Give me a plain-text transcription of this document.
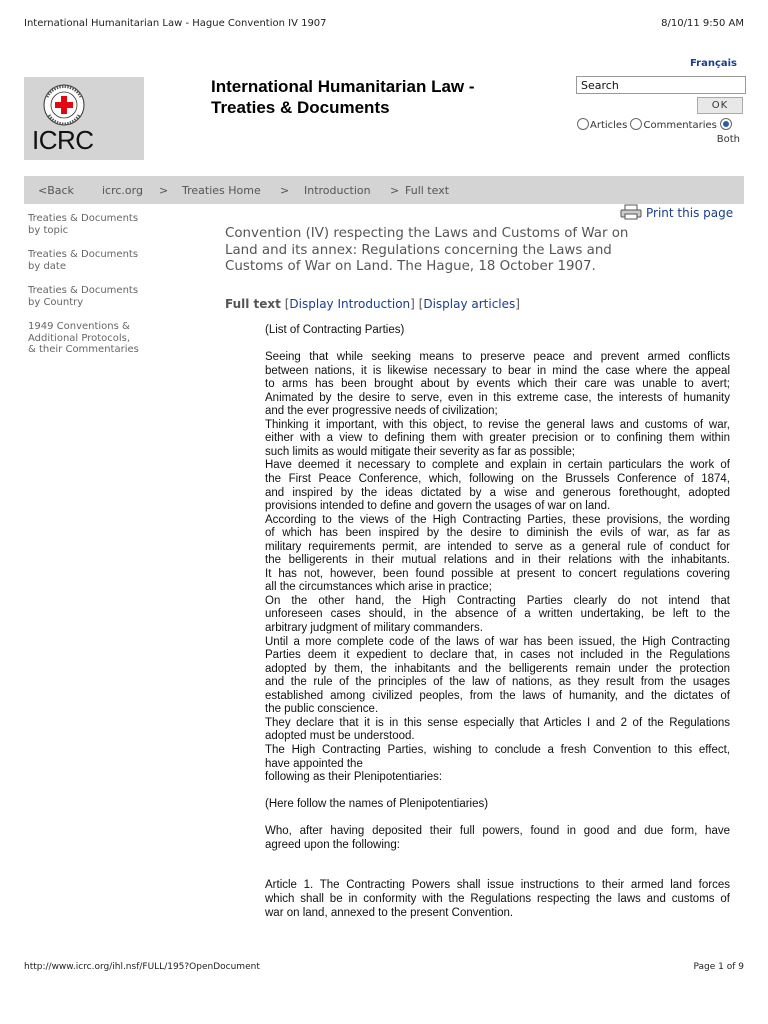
International Humanitarian Law - Hague Convention IV 1907	8/10/11 9:50 AM
ICRC
International Humanitarian Law -
Treaties & Documents
Français
Search
OK
Articles Commentaries
Both
<Back	icrc.org > Treaties Home > Introduction > Full text
Treaties & Documents
by topic
Treaties & Documents
by date
Treaties & Documents
by Country
1949 Conventions &
Additional Protocols,
& their Commentaries
Print this page
Convention (IV) respecting the Laws and Customs of War on
Land and its annex: Regulations concerning the Laws and
Customs of War on Land. The Hague, 18 October 1907.
Full text [Display Introduction] [Display articles]

(List of Contracting Parties)

Seeing that while seeking means to preserve peace and prevent armed conflicts

between nations, it is likewise necessary to bear in mind the case where the appeal

to arms has been brought about by events which their care was unable to avert;

Animated by the desire to serve, even in this extreme case, the interests of humanity

and the ever progressive needs of civilization;

Thinking it important, with this object, to revise the general laws and customs of war,

either with a view to defining them with greater precision or to confining them within

such limits as would mitigate their severity as far as possible;

Have deemed it necessary to complete and explain in certain particulars the work of

the First Peace Conference, which, following on the Brussels Conference of 1874,

and inspired by the ideas dictated by a wise and generous forethought, adopted

provisions intended to define and govern the usages of war on land.

According to the views of the High Contracting Parties, these provisions, the wording

of which has been inspired by the desire to diminish the evils of war, as far as

military requirements permit, are intended to serve as a general rule of conduct for

the belligerents in their mutual relations and in their relations with the inhabitants.

It has not, however, been found possible at present to concert regulations covering

all the circumstances which arise in practice;

On the other hand, the High Contracting Parties clearly do not intend that

unforeseen cases should, in the absence of a written undertaking, be left to the

arbitrary judgment of military commanders.

Until a more complete code of the laws of war has been issued, the High Contracting

Parties deem it expedient to declare that, in cases not included in the Regulations

adopted by them, the inhabitants and the belligerents remain under the protection

and the rule of the principles of the law of nations, as they result from the usages

established among civilized peoples, from the laws of humanity, and the dictates of

the public conscience.

They declare that it is in this sense especially that Articles I and 2 of the Regulations

adopted must be understood.

The High Contracting Parties, wishing to conclude a fresh Convention to this effect,

have appointed the

following as their Plenipotentiaries:

(Here follow the names of Plenipotentiaries)

Who, after having deposited their full powers, found in good and due form, have

agreed upon the following:

Article 1. The Contracting Powers shall issue instructions to their armed land forces

which shall be in conformity with the Regulations respecting the laws and customs of

war on land, annexed to the present Convention.

http://www.icrc.org/ihl.nsf/FULL/195?OpenDocument	Page 1 of 9
